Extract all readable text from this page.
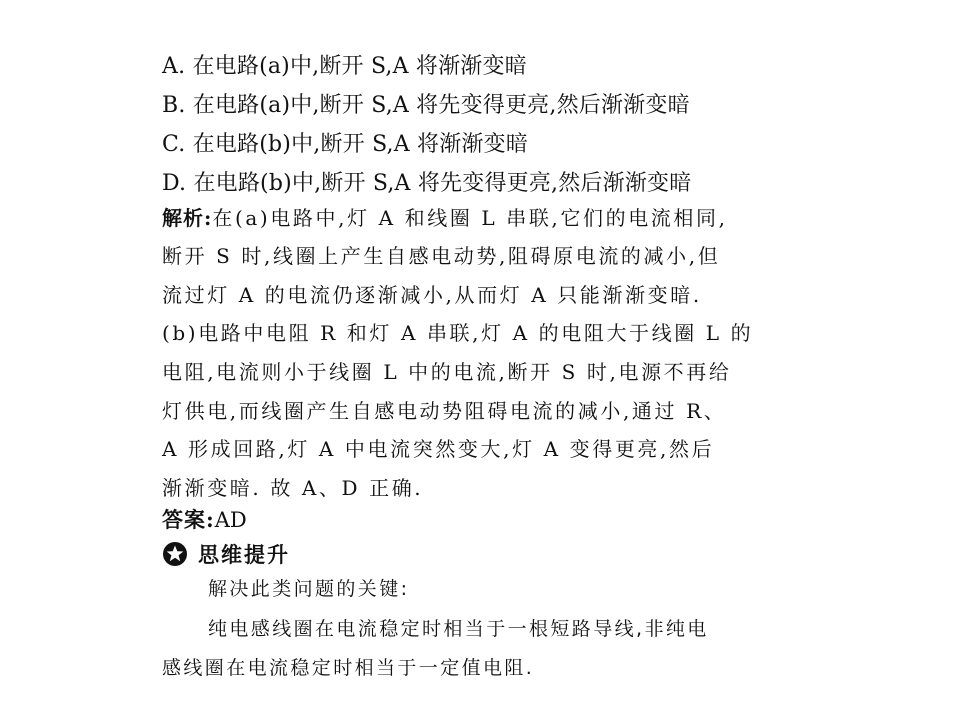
A. 在电路(a)中,断开 S,A 将渐渐变暗
B. 在电路(a)中,断开 S,A 将先变得更亮,然后渐渐变暗
C. 在电路(b)中,断开 S,A 将渐渐变暗
D. 在电路(b)中,断开 S,A 将先变得更亮,然后渐渐变暗
解析:在(a)电路中,灯 A 和线圈 L 串联,它们的电流相同,
断开 S 时,线圈上产生自感电动势,阻碍原电流的减小,但
流过灯 A 的电流仍逐渐减小,从而灯 A 只能渐渐变暗.
(b)电路中电阻 R 和灯 A 串联,灯 A 的电阻大于线圈 L 的
电阻,电流则小于线圈 L 中的电流,断开 S 时,电源不再给
灯供电,而线圈产生自感电动势阻碍电流的减小,通过 R、
A 形成回路,灯 A 中电流突然变大,灯 A 变得更亮,然后
渐渐变暗. 故 A、D 正确.
答案:AD
思维提升
解决此类问题的关键:
纯电感线圈在电流稳定时相当于一根短路导线,非纯电
感线圈在电流稳定时相当于一定值电阻.
